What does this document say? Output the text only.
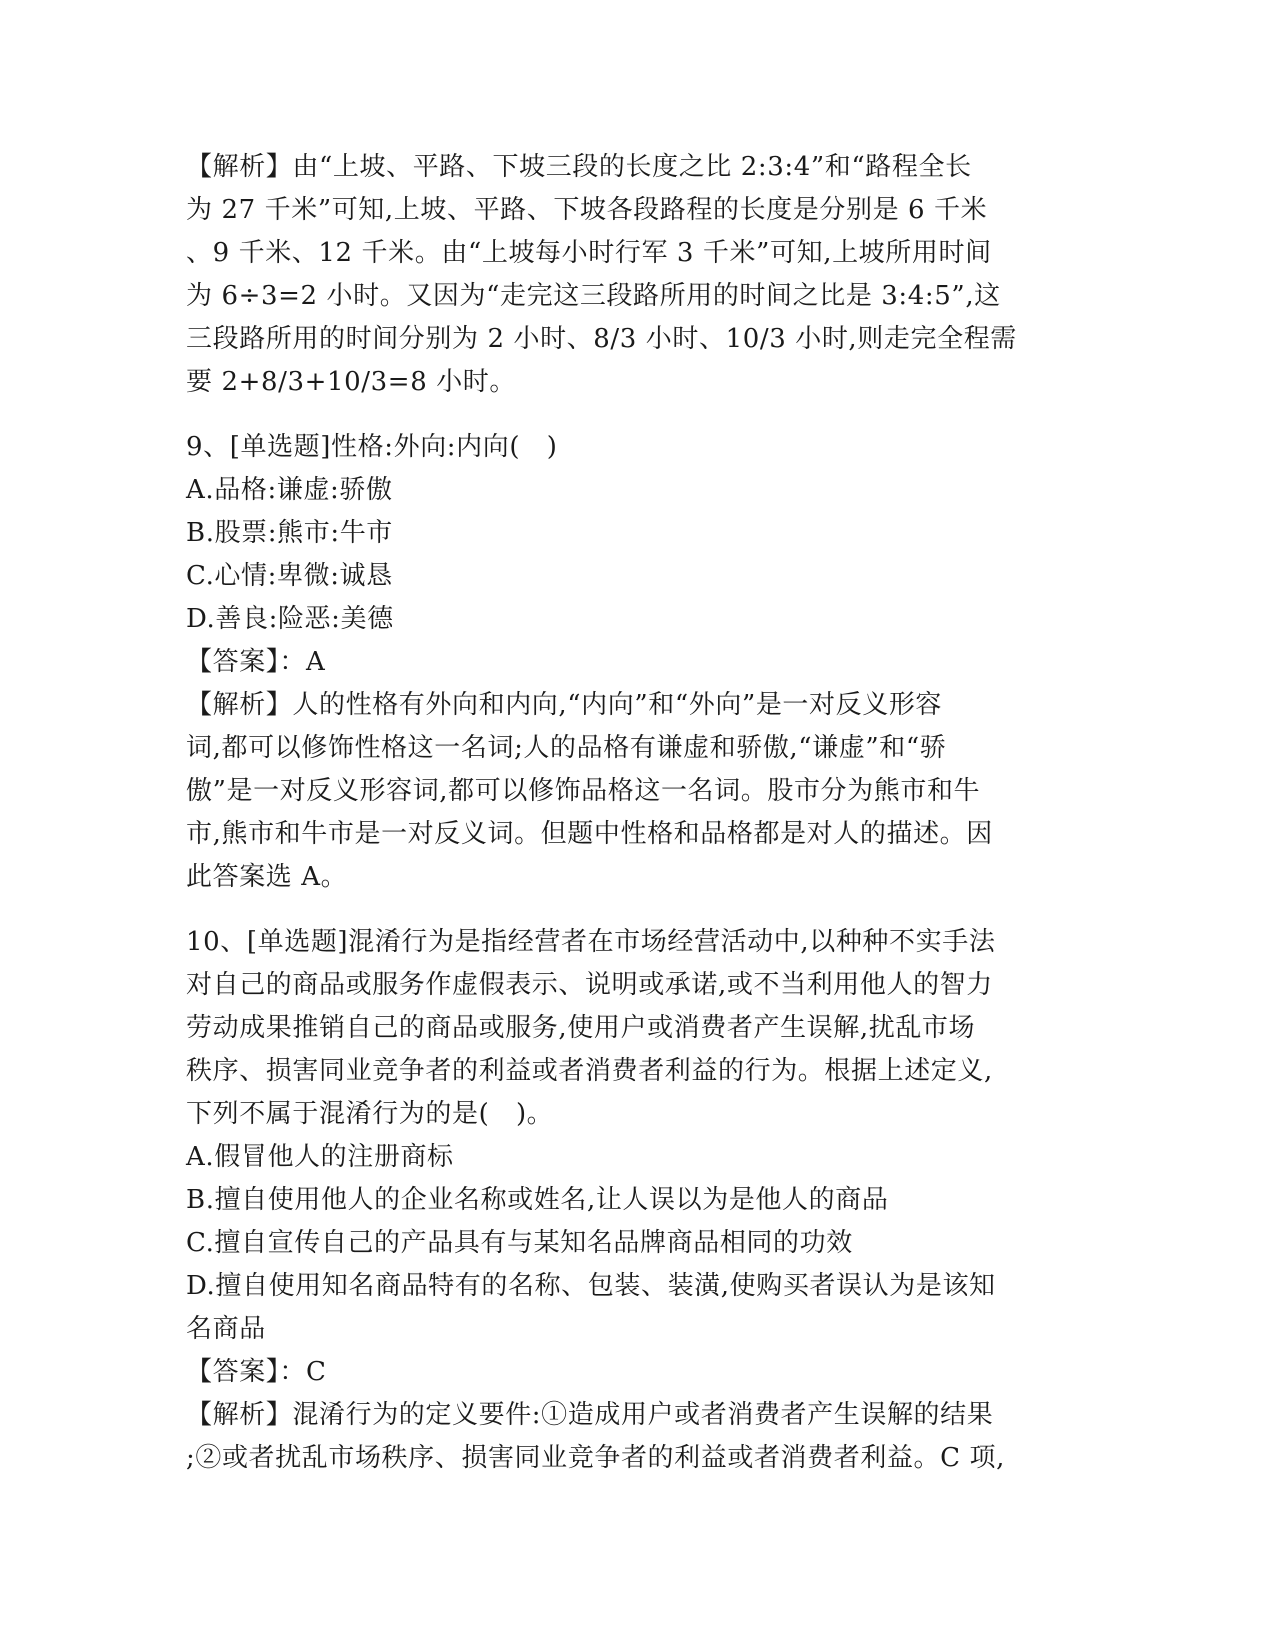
【解析】由“上坡、平路、下坡三段的长度之比 2:3:4”和“路程全长
为 27 千米”可知,上坡、平路、下坡各段路程的长度是分别是 6 千米
、9 千米、12 千米。由“上坡每小时行军 3 千米”可知,上坡所用时间
为 6÷3=2 小时。又因为“走完这三段路所用的时间之比是 3:4:5”,这
三段路所用的时间分别为 2 小时、8/3 小时、10/3 小时,则走完全程需
要 2+8/3+10/3=8 小时。
9、[单选题]性格:外向:内向(　)
A.品格:谦虚:骄傲
B.股票:熊市:牛市
C.心情:卑微:诚恳
D.善良:险恶:美德
【答案】：A
【解析】人的性格有外向和内向,“内向”和“外向”是一对反义形容
词,都可以修饰性格这一名词;人的品格有谦虚和骄傲,“谦虚”和“骄
傲”是一对反义形容词,都可以修饰品格这一名词。股市分为熊市和牛
市,熊市和牛市是一对反义词。但题中性格和品格都是对人的描述。因
此答案选 A。
10、[单选题]混淆行为是指经营者在市场经营活动中,以种种不实手法
对自己的商品或服务作虚假表示、说明或承诺,或不当利用他人的智力
劳动成果推销自己的商品或服务,使用户或消费者产生误解,扰乱市场
秩序、损害同业竞争者的利益或者消费者利益的行为。根据上述定义,
下列不属于混淆行为的是(　)。
A.假冒他人的注册商标
B.擅自使用他人的企业名称或姓名,让人误以为是他人的商品
C.擅自宣传自己的产品具有与某知名品牌商品相同的功效
D.擅自使用知名商品特有的名称、包装、装潢,使购买者误认为是该知
名商品
【答案】：C
【解析】混淆行为的定义要件:①造成用户或者消费者产生误解的结果
;②或者扰乱市场秩序、损害同业竞争者的利益或者消费者利益。C 项,
